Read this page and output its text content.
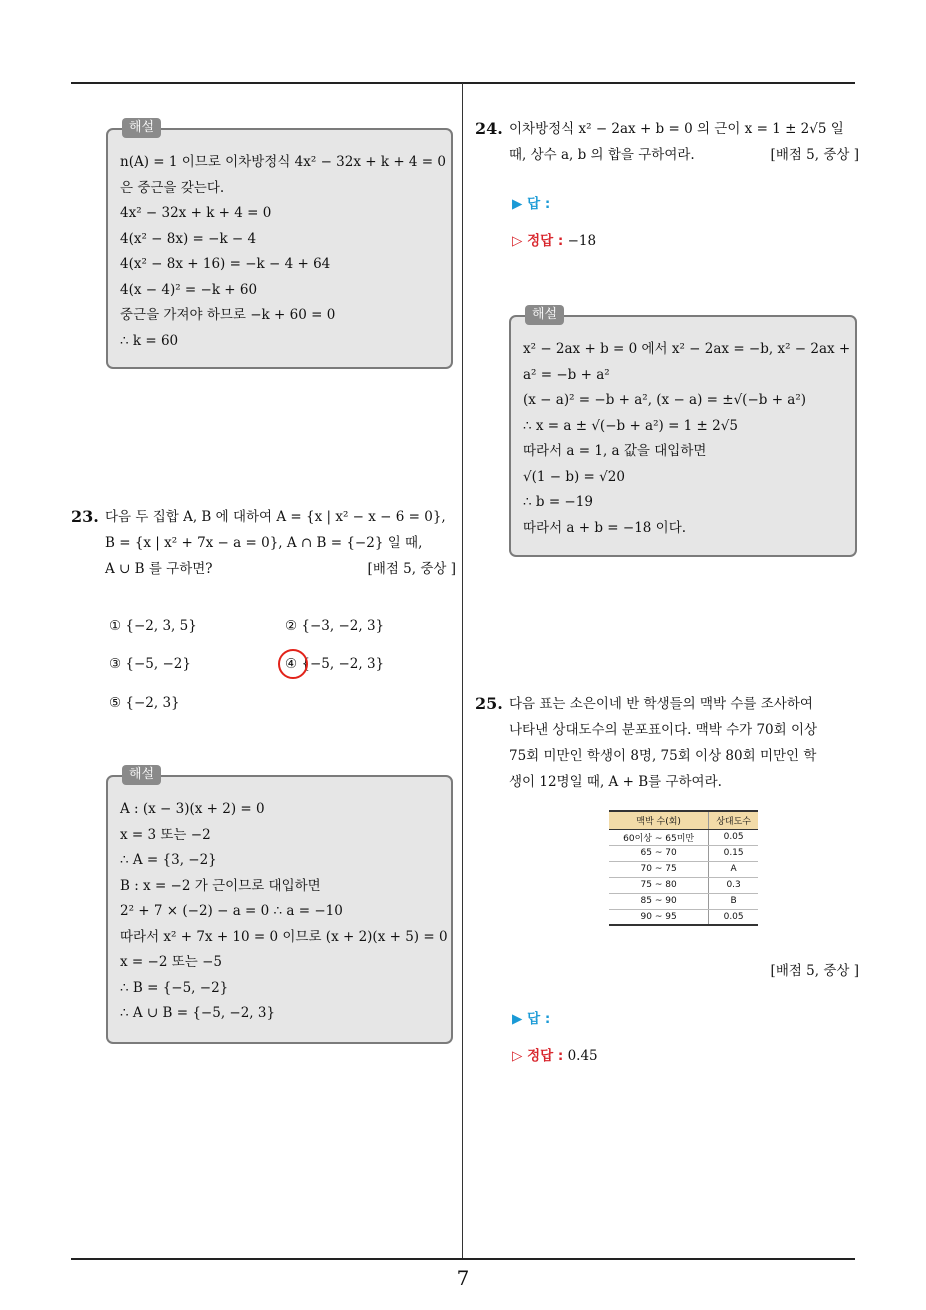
해설
n(A) = 1 이므로 이차방정식 4x² − 32x + k + 4 = 0
은 중근을 갖는다.
4x² − 32x + k + 4 = 0
4(x² − 8x) = −k − 4
4(x² − 8x + 16) = −k − 4 + 64
4(x − 4)² = −k + 60
중근을 가져야 하므로 −k + 60 = 0
∴ k = 60
23. 다음 두 집합 A, B 에 대하여 A = {x | x² − x − 6 = 0},
B = {x | x² + 7x − a = 0}, A ∩ B = {−2} 일 때,
A ∪ B 를 구하면?	[배점 5, 중상 ]
① {−2, 3, 5}	② {−3, −2, 3}
③ {−5, −2}	④ {−5, −2, 3}
⑤ {−2, 3}
해설
A : (x − 3)(x + 2) = 0
x = 3 또는 −2
∴ A = {3, −2}
B : x = −2 가 근이므로 대입하면
2² + 7 × (−2) − a = 0 ∴ a = −10
따라서 x² + 7x + 10 = 0 이므로 (x + 2)(x + 5) = 0
x = −2 또는 −5
∴ B = {−5, −2}
∴ A ∪ B = {−5, −2, 3}
24. 이차방정식 x² − 2ax + b = 0 의 근이 x = 1 ± 2√5 일
때, 상수 a, b 의 합을 구하여라.	[배점 5, 중상 ]
▶ 답 :
▷ 정답 : −18
해설
x² − 2ax + b = 0 에서 x² − 2ax = −b, x² − 2ax +
a² = −b + a²
(x − a)² = −b + a², (x − a) = ±√(−b + a²)
∴ x = a ± √(−b + a²) = 1 ± 2√5
따라서 a = 1, a 값을 대입하면
√(1 − b) = √20
∴ b = −19
따라서 a + b = −18 이다.
25. 다음 표는 소은이네 반 학생들의 맥박 수를 조사하여
나타낸 상대도수의 분포표이다. 맥박 수가 70회 이상
75회 미만인 학생이 8명, 75회 이상 80회 미만인 학
생이 12명일 때, A + B를 구하여라.
맥박 수(회)	상대도수
60이상 ~ 65미만	0.05
65 ~ 70	0.15
70 ~ 75	A
75 ~ 80	0.3
85 ~ 90	B
90 ~ 95	0.05
[배점 5, 중상 ]
▶ 답 :
▷ 정답 : 0.45
7
